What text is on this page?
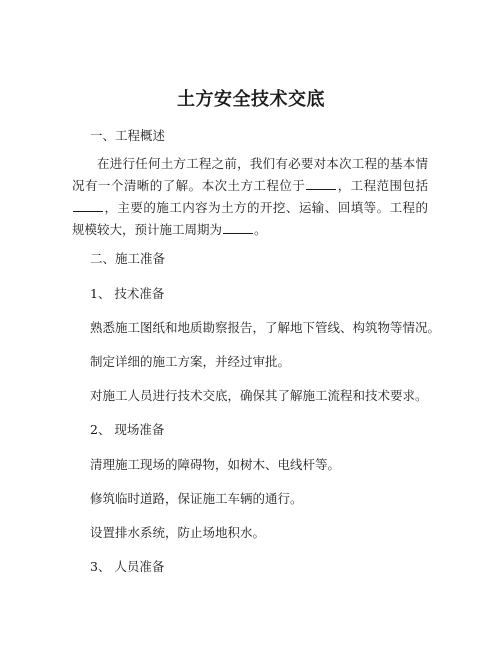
土方安全技术交底
一、工程概述
在进行任何土方工程之前，我们有必要对本次工程的基本情况有一个清晰的了解。本次土方工程位于	，工程范围包括，主要的施工内容为土方的开挖、运输、回填等。工程的规模较大，预计施工周期为	。
二、施工准备
1、 技术准备
熟悉施工图纸和地质勘察报告，了解地下管线、构筑物等情况。
制定详细的施工方案，并经过审批。
对施工人员进行技术交底，确保其了解施工流程和技术要求。
2、 现场准备
清理施工现场的障碍物，如树木、电线杆等。
修筑临时道路，保证施工车辆的通行。
设置排水系统，防止场地积水。
3、 人员准备
